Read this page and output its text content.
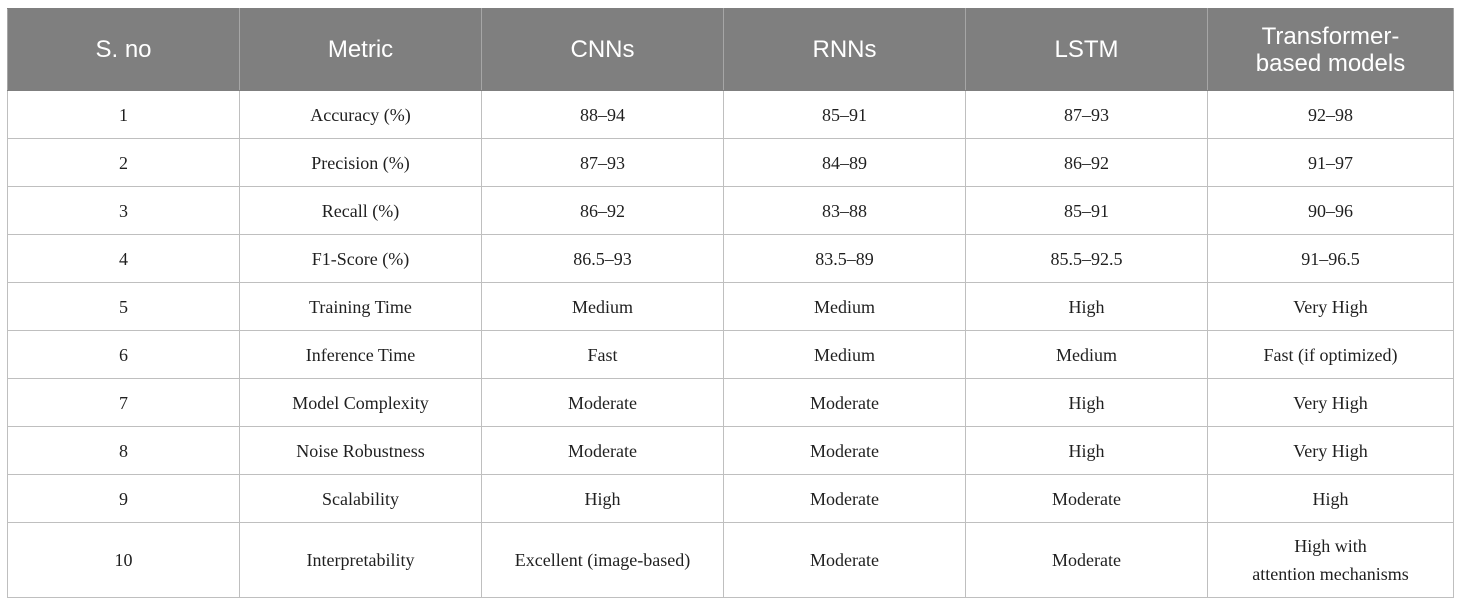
S. no	Metric	CNNs	RNNs	LSTM	Transformer-
based models
1	Accuracy (%)	88–94	85–91	87–93	92–98
2	Precision (%)	87–93	84–89	86–92	91–97
3	Recall (%)	86–92	83–88	85–91	90–96
4	F1-Score (%)	86.5–93	83.5–89	85.5–92.5	91–96.5
5	Training Time	Medium	Medium	High	Very High
6	Inference Time	Fast	Medium	Medium	Fast (if optimized)
7	Model Complexity	Moderate	Moderate	High	Very High
8	Noise Robustness	Moderate	Moderate	High	Very High
9	Scalability	High	Moderate	Moderate	High
10	Interpretability	Excellent (image-based)	Moderate	Moderate	High with
attention mechanisms
